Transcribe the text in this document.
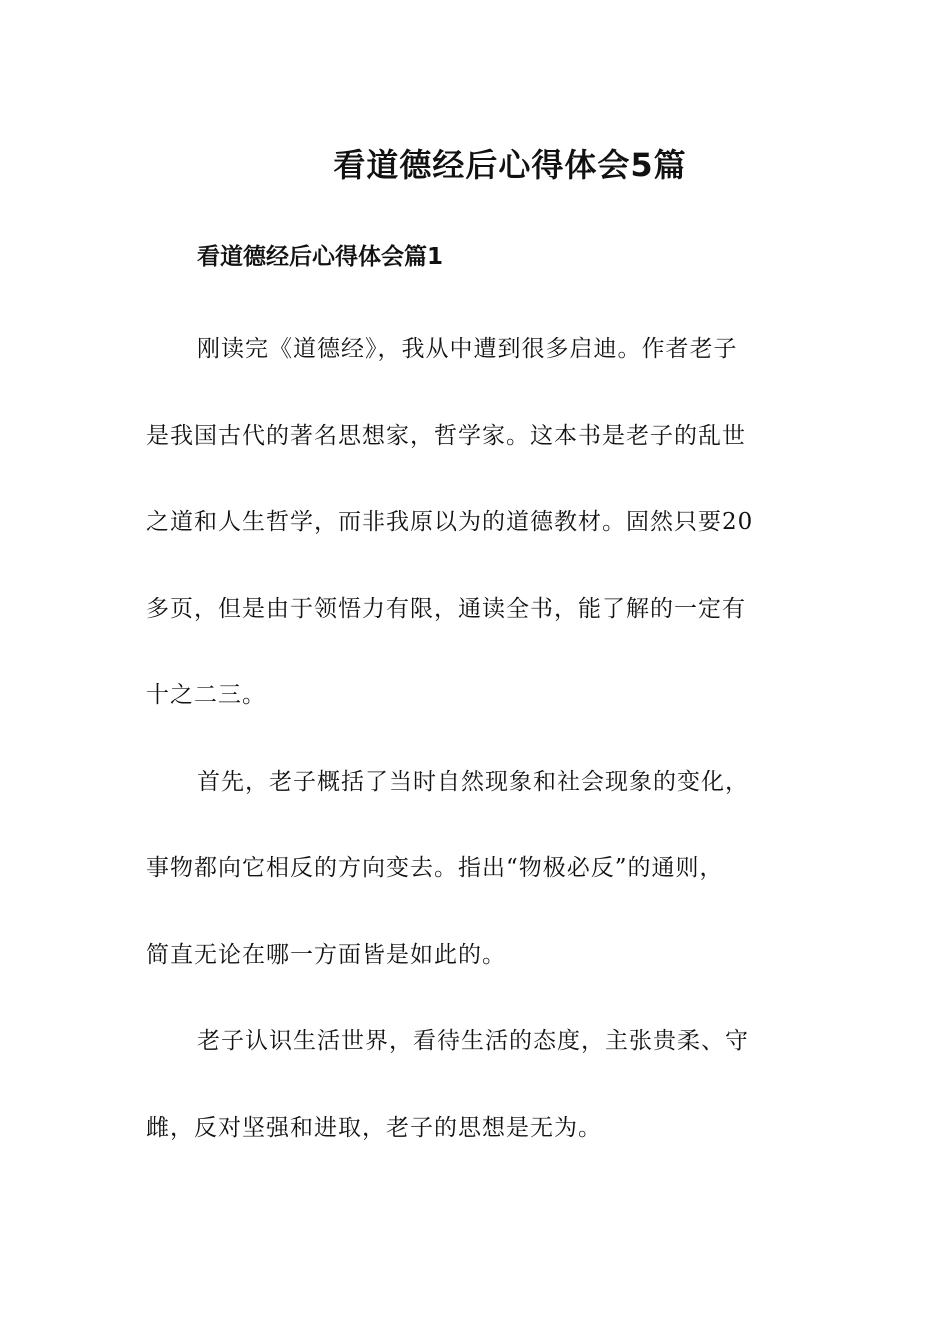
看道德经后心得体会5篇
看道德经后心得体会篇1

刚读完《道德经》，我从中遭到很多启迪。作者老子
是我国古代的著名思想家，哲学家。这本书是老子的乱世
之道和人生哲学，而非我原以为的道德教材。固然只要20
多页，但是由于领悟力有限，通读全书，能了解的一定有
十之二三。

首先，老子概括了当时自然现象和社会现象的变化，
事物都向它相反的方向变去。指出“物极必反”的通则，
简直无论在哪一方面皆是如此的。

老子认识生活世界，看待生活的态度，主张贵柔、守
雌，反对坚强和进取，老子的思想是无为。
